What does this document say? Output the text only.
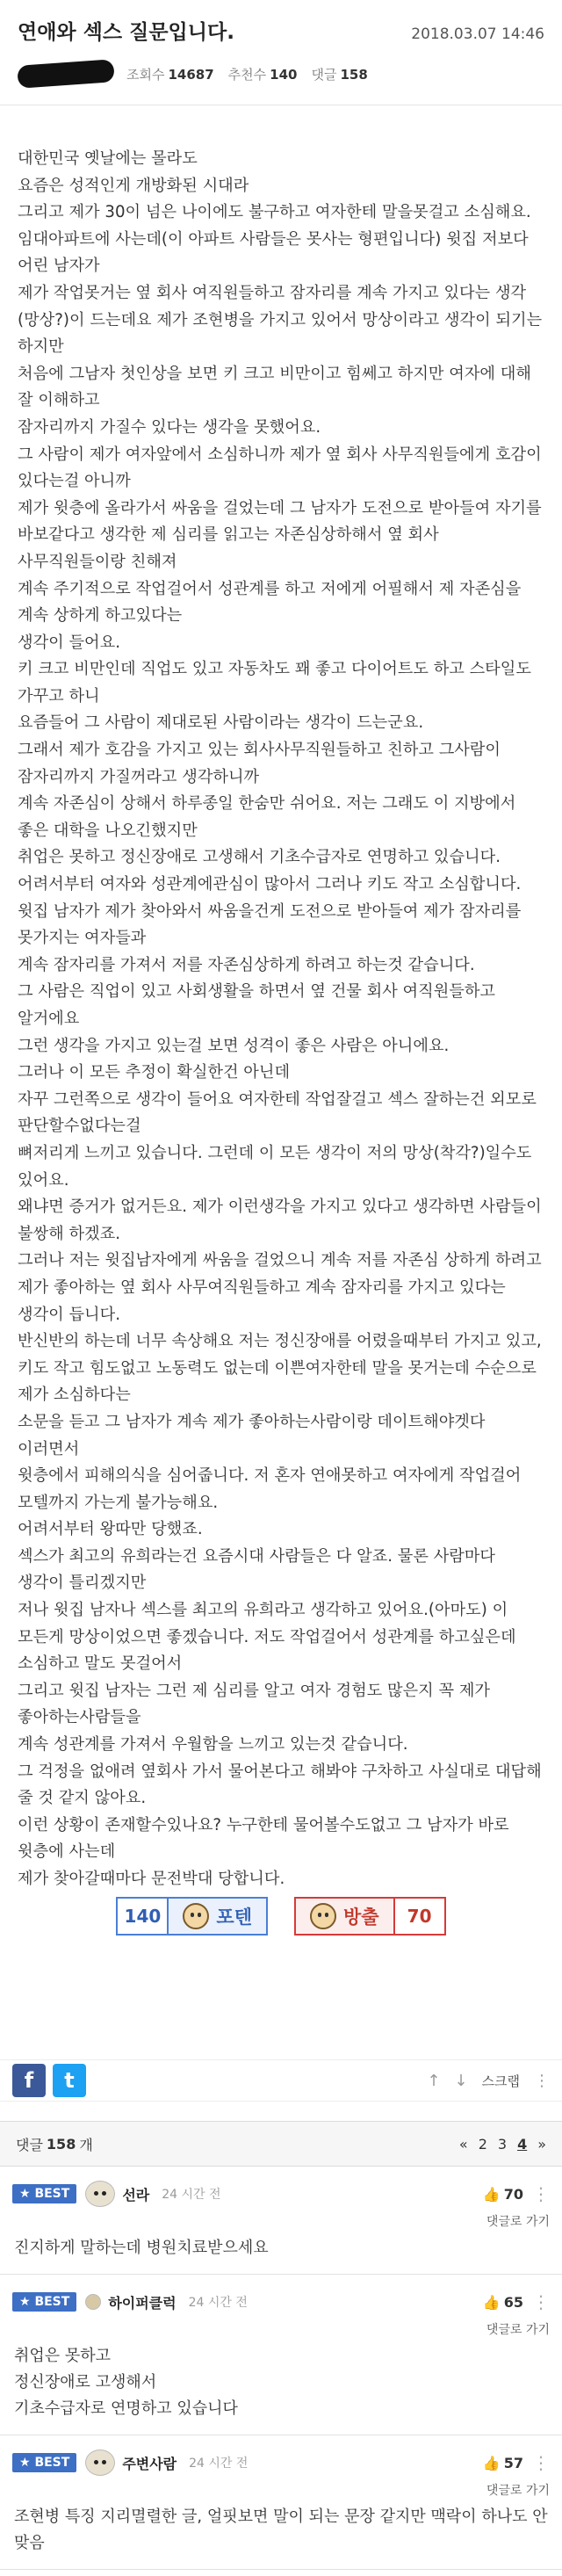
연애와 섹스 질문입니다.	2018.03.07 14:46
조회수 14687 추천수 140 댓글 158

대한민국 옛날에는 몰라도

요즘은 성적인게 개방화된 시대라

그리고 제가 30이 넘은 나이에도 불구하고 여자한테 말을못걸고 소심해요.

임대아파트에 사는데(이 아파트 사람들은 못사는 형편입니다) 윗집 저보다 어린 남자가

제가 작업못거는 옆 회사 여직원들하고 잠자리를 계속 가지고 있다는 생각(망상?)이 드는데요 제가 조현병을 가지고 있어서 망상이라고 생각이 되기는 하지만

처음에 그남자 첫인상을 보면 키 크고 비만이고 힘쎄고 하지만 여자에 대해 잘 이해하고

잠자리까지 가질수 있다는 생각을 못했어요.

그 사람이 제가 여자앞에서 소심하니까 제가 옆 회사 사무직원들에게 호감이 있다는걸 아니까

제가 윗층에 올라가서 싸움을 걸었는데 그 남자가 도전으로 받아들여 자기를 바보같다고 생각한 제 심리를 읽고는 자존심상하해서 옆 회사 사무직원들이랑 친해져

계속 주기적으로 작업걸어서 성관계를 하고 저에게 어필해서 제 자존심을 계속 상하게 하고있다는

생각이 들어요.

키 크고 비만인데 직업도 있고 자동차도 꽤 좋고 다이어트도 하고 스타일도 가꾸고 하니

요즘들어 그 사람이 제대로된 사람이라는 생각이 드는군요.

그래서 제가 호감을 가지고 있는 회사사무직원들하고 친하고 그사람이 잠자리까지 가질꺼라고 생각하니까

계속 자존심이 상해서 하루종일 한숨만 쉬어요. 저는 그래도 이 지방에서 좋은 대학을 나오긴했지만

취업은 못하고 정신장애로 고생해서 기초수급자로 연명하고 있습니다.

어려서부터 여자와 성관계에관심이 많아서 그러나 키도 작고 소심합니다.

윗집 남자가 제가 찾아와서 싸움을건게 도전으로 받아들여 제가 잠자리를 못가지는 여자들과

계속 잠자리를 가져서 저를 자존심상하게 하려고 하는것 같습니다.

그 사람은 직업이 있고 사회생활을 하면서 옆 건물 회사 여직원들하고 알거에요

그런 생각을 가지고 있는걸 보면 성격이 좋은 사람은 아니에요.

그러나 이 모든 추정이 확실한건 아닌데

자꾸 그런쪽으로 생각이 들어요 여자한테 작업잘걸고 섹스 잘하는건 외모로 판단할수없다는걸

뼈저리게 느끼고 있습니다. 그런데 이 모든 생각이 저의 망상(착각?)일수도 있어요.

왜냐면 증거가 없거든요. 제가 이런생각을 가지고 있다고 생각하면 사람들이 불쌍해 하겠죠.

그러나 저는 윗집남자에게 싸움을 걸었으니 계속 저를 자존심 상하게 하려고

제가 좋아하는 옆 회사 사무여직원들하고 계속 잠자리를 가지고 있다는 생각이 듭니다.

반신반의 하는데 너무 속상해요 저는 정신장애를 어렸을때부터 가지고 있고,

키도 작고 힘도없고 노동력도 없는데 이쁜여자한테 말을 못거는데 수순으로 제가 소심하다는

소문을 듣고 그 남자가 계속 제가 좋아하는사람이랑 데이트해야겟다 이러면서

윗층에서 피해의식을 심어줍니다. 저 혼자 연애못하고 여자에게 작업걸어 모텔까지 가는게 불가능해요.

어려서부터 왕따만 당했죠.

섹스가 최고의 유희라는건 요즘시대 사람들은 다 알죠. 물론 사람마다 생각이 틀리겠지만

저나 윗집 남자나 섹스를 최고의 유희라고 생각하고 있어요.(아마도) 이 모든게 망상이었으면 좋겠습니다. 저도 작업걸어서 성관계를 하고싶은데 소심하고 말도 못걸어서

그리고 윗집 남자는 그런 제 심리를 알고 여자 경험도 많은지 꼭 제가 좋아하는사람들을

계속 성관계를 가져서 우월함을 느끼고 있는것 같습니다.

그 걱정을 없애려 옆회사 가서 물어본다고 해봐야 구차하고 사실대로 대답해 줄 것 같지 않아요.

이런 상황이 존재할수있나요? 누구한테 물어볼수도없고 그 남자가 바로 윗층에 사는데

제가 찾아갈때마다 문전박대 당합니다.

140	포텐	방출	70
f	t	↑ ↓ 스크랩 ⋮
댓글 158 개	« 2 3 4 »
★ BEST	선라 24 시간 전	👍 70 ⋮
댓글로 가기

진지하게 말하는데 병원치료받으세요

★ BEST	하이퍼클럭 24 시간 전	👍 65 ⋮
댓글로 가기

취업은 못하고

정신장애로 고생해서

기초수급자로 연명하고 있습니다

★ BEST	주변사람 24 시간 전	👍 57 ⋮
댓글로 가기

조현병 특징 지리멸렬한 글, 얼핏보면 말이 되는 문장 같지만 맥락이 하나도 안맞음
